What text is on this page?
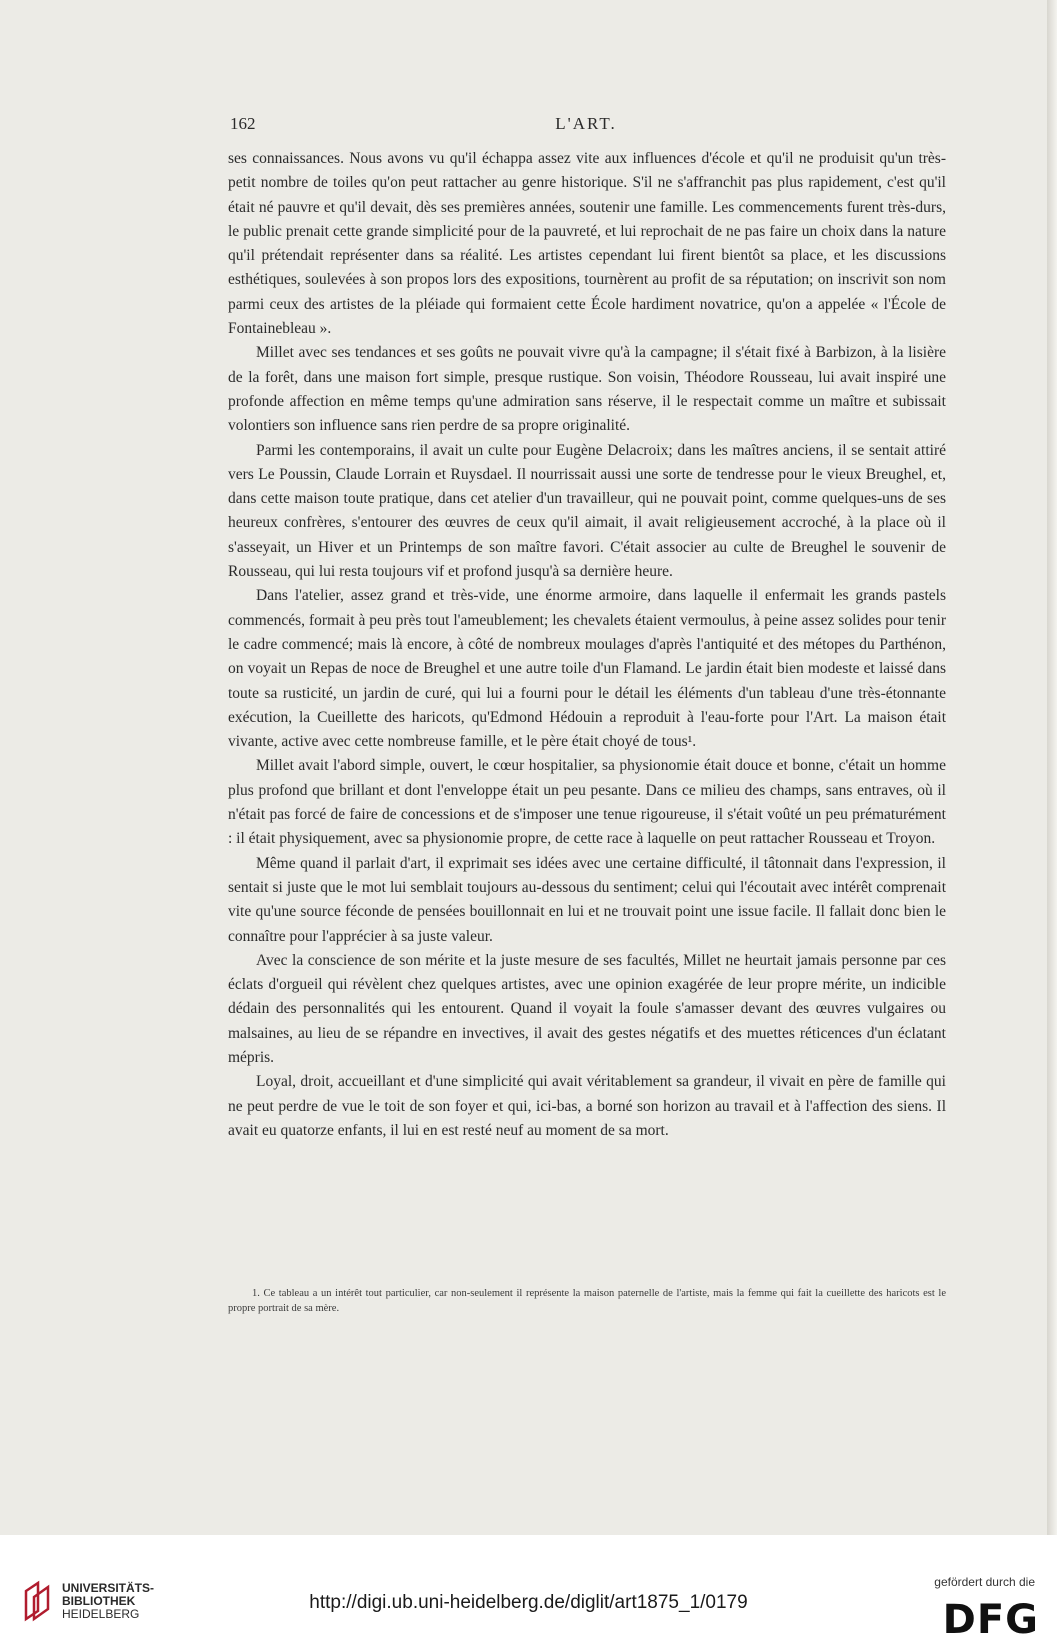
162	L'ART.

ses connaissances. Nous avons vu qu'il échappa assez vite aux influences d'école et qu'il ne produisit qu'un très-petit nombre de toiles qu'on peut rattacher au genre historique. S'il ne s'affranchit pas plus rapidement, c'est qu'il était né pauvre et qu'il devait, dès ses premières années, soutenir une famille. Les commencements furent très-durs, le public prenait cette grande simplicité pour de la pauvreté, et lui reprochait de ne pas faire un choix dans la nature qu'il prétendait représenter dans sa réalité. Les artistes cependant lui firent bientôt sa place, et les discussions esthétiques, soulevées à son propos lors des expositions, tournèrent au profit de sa réputation; on inscrivit son nom parmi ceux des artistes de la pléiade qui formaient cette École hardiment novatrice, qu'on a appelée « l'École de Fontainebleau ».

Millet avec ses tendances et ses goûts ne pouvait vivre qu'à la campagne; il s'était fixé à Barbizon, à la lisière de la forêt, dans une maison fort simple, presque rustique. Son voisin, Théodore Rousseau, lui avait inspiré une profonde affection en même temps qu'une admiration sans réserve, il le respectait comme un maître et subissait volontiers son influence sans rien perdre de sa propre originalité.

Parmi les contemporains, il avait un culte pour Eugène Delacroix; dans les maîtres anciens, il se sentait attiré vers Le Poussin, Claude Lorrain et Ruysdael. Il nourrissait aussi une sorte de tendresse pour le vieux Breughel, et, dans cette maison toute pratique, dans cet atelier d'un travailleur, qui ne pouvait point, comme quelques-uns de ses heureux confrères, s'entourer des œuvres de ceux qu'il aimait, il avait religieusement accroché, à la place où il s'asseyait, un Hiver et un Printemps de son maître favori. C'était associer au culte de Breughel le souvenir de Rousseau, qui lui resta toujours vif et profond jusqu'à sa dernière heure.

Dans l'atelier, assez grand et très-vide, une énorme armoire, dans laquelle il enfermait les grands pastels commencés, formait à peu près tout l'ameublement; les chevalets étaient vermoulus, à peine assez solides pour tenir le cadre commencé; mais là encore, à côté de nombreux moulages d'après l'antiquité et des métopes du Parthénon, on voyait un Repas de noce de Breughel et une autre toile d'un Flamand. Le jardin était bien modeste et laissé dans toute sa rusticité, un jardin de curé, qui lui a fourni pour le détail les éléments d'un tableau d'une très-étonnante exécution, la Cueillette des haricots, qu'Edmond Hédouin a reproduit à l'eau-forte pour l'Art. La maison était vivante, active avec cette nombreuse famille, et le père était choyé de tous¹.

Millet avait l'abord simple, ouvert, le cœur hospitalier, sa physionomie était douce et bonne, c'était un homme plus profond que brillant et dont l'enveloppe était un peu pesante. Dans ce milieu des champs, sans entraves, où il n'était pas forcé de faire de concessions et de s'imposer une tenue rigoureuse, il s'était voûté un peu prématurément : il était physiquement, avec sa physionomie propre, de cette race à laquelle on peut rattacher Rousseau et Troyon.

Même quand il parlait d'art, il exprimait ses idées avec une certaine difficulté, il tâtonnait dans l'expression, il sentait si juste que le mot lui semblait toujours au-dessous du sentiment; celui qui l'écoutait avec intérêt comprenait vite qu'une source féconde de pensées bouillonnait en lui et ne trouvait point une issue facile. Il fallait donc bien le connaître pour l'apprécier à sa juste valeur.

Avec la conscience de son mérite et la juste mesure de ses facultés, Millet ne heurtait jamais personne par ces éclats d'orgueil qui révèlent chez quelques artistes, avec une opinion exagérée de leur propre mérite, un indicible dédain des personnalités qui les entourent. Quand il voyait la foule s'amasser devant des œuvres vulgaires ou malsaines, au lieu de se répandre en invectives, il avait des gestes négatifs et des muettes réticences d'un éclatant mépris.

Loyal, droit, accueillant et d'une simplicité qui avait véritablement sa grandeur, il vivait en père de famille qui ne peut perdre de vue le toit de son foyer et qui, ici-bas, a borné son horizon au travail et à l'affection des siens. Il avait eu quatorze enfants, il lui en est resté neuf au moment de sa mort.

1. Ce tableau a un intérêt tout particulier, car non-seulement il représente la maison paternelle de l'artiste, mais la femme qui fait la cueillette des haricots est le propre portrait de sa mère.
UNIVERSITÄTS-
BIBLIOTHEK
HEIDELBERG
http://digi.ub.uni-heidelberg.de/diglit/art1875_1/0179
gefördert durch die
DFG
